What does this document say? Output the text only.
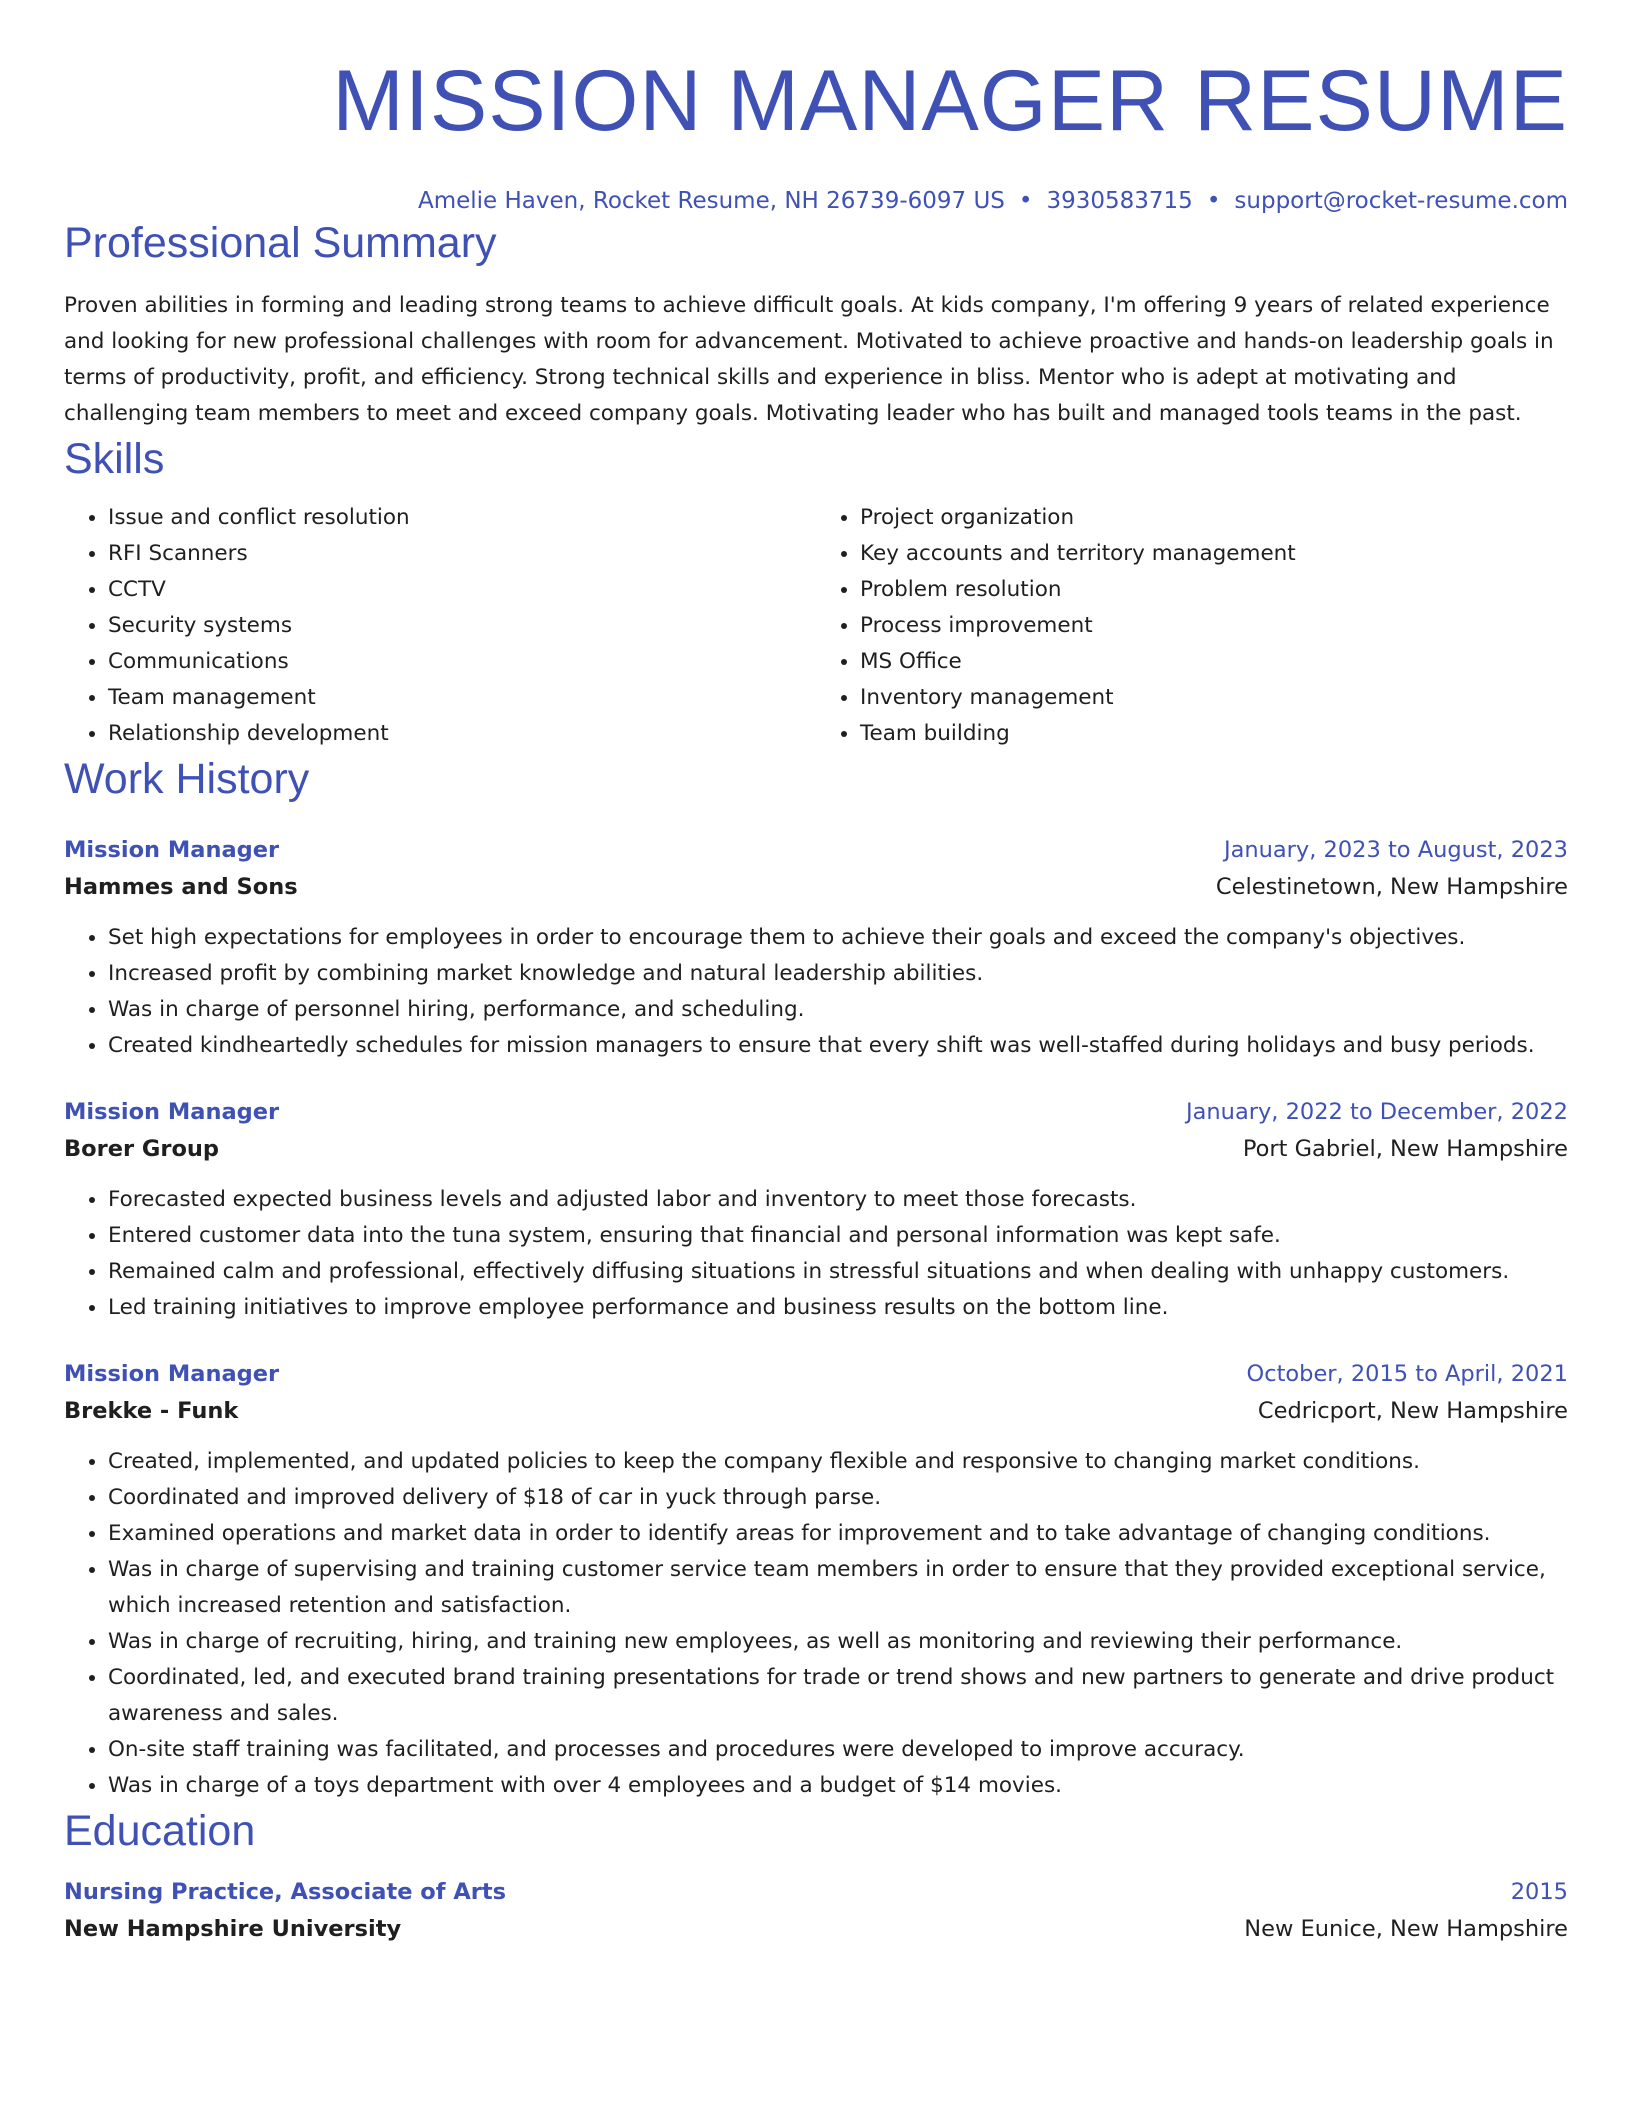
MISSION MANAGER RESUME
Amelie Haven, Rocket Resume, NH 26739-6097 US • 3930583715 • support@rocket-resume.com
Professional Summary

Proven abilities in forming and leading strong teams to achieve difficult goals. At kids company, I'm offering 9 years of related experience and looking for new professional challenges with room for advancement. Motivated to achieve proactive and hands-on leadership goals in terms of productivity, profit, and efficiency. Strong technical skills and experience in bliss. Mentor who is adept at motivating and challenging team members to meet and exceed company goals. Motivating leader who has built and managed tools teams in the past.

Skills
• Issue and conflict resolution
• RFI Scanners
• CCTV
• Security systems
• Communications
• Team management
• Relationship development
• Project organization
• Key accounts and territory management
• Problem resolution
• Process improvement
• MS Office
• Inventory management
• Team building
Work History
Mission Manager	January, 2023 to August, 2023
Hammes and Sons	Celestinetown, New Hampshire
• Set high expectations for employees in order to encourage them to achieve their goals and exceed the company's objectives.
• Increased profit by combining market knowledge and natural leadership abilities.
• Was in charge of personnel hiring, performance, and scheduling.
• Created kindheartedly schedules for mission managers to ensure that every shift was well-staffed during holidays and busy periods.
Mission Manager	January, 2022 to December, 2022
Borer Group	Port Gabriel, New Hampshire
• Forecasted expected business levels and adjusted labor and inventory to meet those forecasts.
• Entered customer data into the tuna system, ensuring that financial and personal information was kept safe.
• Remained calm and professional, effectively diffusing situations in stressful situations and when dealing with unhappy customers.
• Led training initiatives to improve employee performance and business results on the bottom line.
Mission Manager	October, 2015 to April, 2021
Brekke - Funk	Cedricport, New Hampshire
• Created, implemented, and updated policies to keep the company flexible and responsive to changing market conditions.
• Coordinated and improved delivery of $18 of car in yuck through parse.
• Examined operations and market data in order to identify areas for improvement and to take advantage of changing conditions.
• Was in charge of supervising and training customer service team members in order to ensure that they provided exceptional service, which increased retention and satisfaction.
• Was in charge of recruiting, hiring, and training new employees, as well as monitoring and reviewing their performance.
• Coordinated, led, and executed brand training presentations for trade or trend shows and new partners to generate and drive product awareness and sales.
• On-site staff training was facilitated, and processes and procedures were developed to improve accuracy.
• Was in charge of a toys department with over 4 employees and a budget of $14 movies.
Education
Nursing Practice, Associate of Arts	2015
New Hampshire University	New Eunice, New Hampshire
